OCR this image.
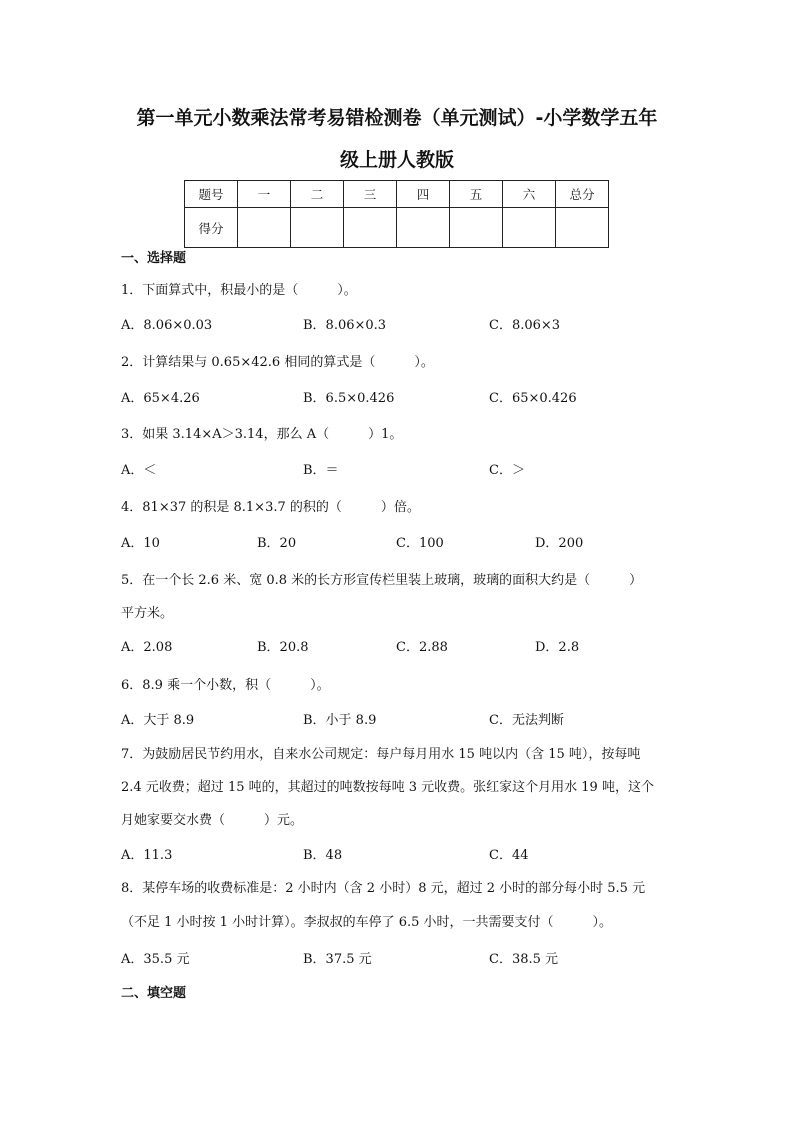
第一单元小数乘法常考易错检测卷（单元测试）-小学数学五年
级上册人教版
题号	一	二	三	四	五	六	总分
得分							
一、选择题
1．下面算式中，积最小的是（　　　）。
A．8.06×0.03	B．8.06×0.3	C．8.06×3
2．计算结果与 0.65×42.6 相同的算式是（　　　）。
A．65×4.26	B．6.5×0.426	C．65×0.426
3．如果 3.14×A＞3.14，那么 A（　　　）1。
A．＜	B．＝	C．＞
4．81×37 的积是 8.1×3.7 的积的（　　　）倍。
A．10	B．20	C．100	D．200
5．在一个长 2.6 米、宽 0.8 米的长方形宣传栏里装上玻璃，玻璃的面积大约是（　　　）
平方米。
A．2.08	B．20.8	C．2.88	D．2.8
6．8.9 乘一个小数，积（　　　）。
A．大于 8.9	B．小于 8.9	C．无法判断
7．为鼓励居民节约用水，自来水公司规定：每户每月用水 15 吨以内（含 15 吨），按每吨
2.4 元收费；超过 15 吨的，其超过的吨数按每吨 3 元收费。张红家这个月用水 19 吨，这个
月她家要交水费（　　　）元。
A．11.3	B．48	C．44
8．某停车场的收费标准是：2 小时内（含 2 小时）8 元，超过 2 小时的部分每小时 5.5 元
（不足 1 小时按 1 小时计算）。李叔叔的车停了 6.5 小时，一共需要支付（　　　）。
A．35.5 元	B．37.5 元	C．38.5 元
二、填空题
